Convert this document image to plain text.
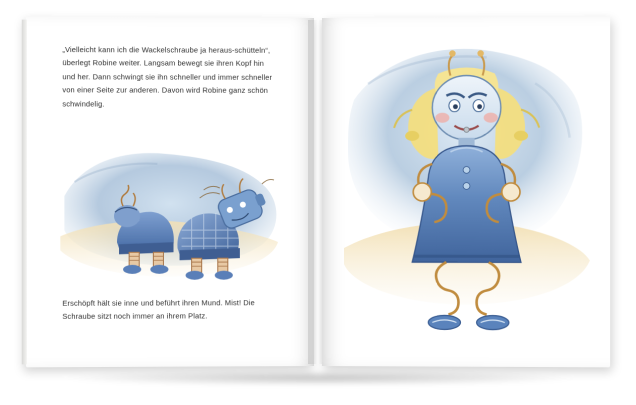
„Vielleicht kann ich die Wackelschraube ja heraus-schütteln“, überlegt Robine weiter. Langsam bewegt sie ihren Kopf hin und her. Dann schwingt sie ihn schneller und immer schneller von einer Seite zur anderen. Davon wird Robine ganz schön schwindelig.
Erschöpft hält sie inne und beführt ihren Mund. Mist! Die Schraube sitzt noch immer an ihrem Platz.
